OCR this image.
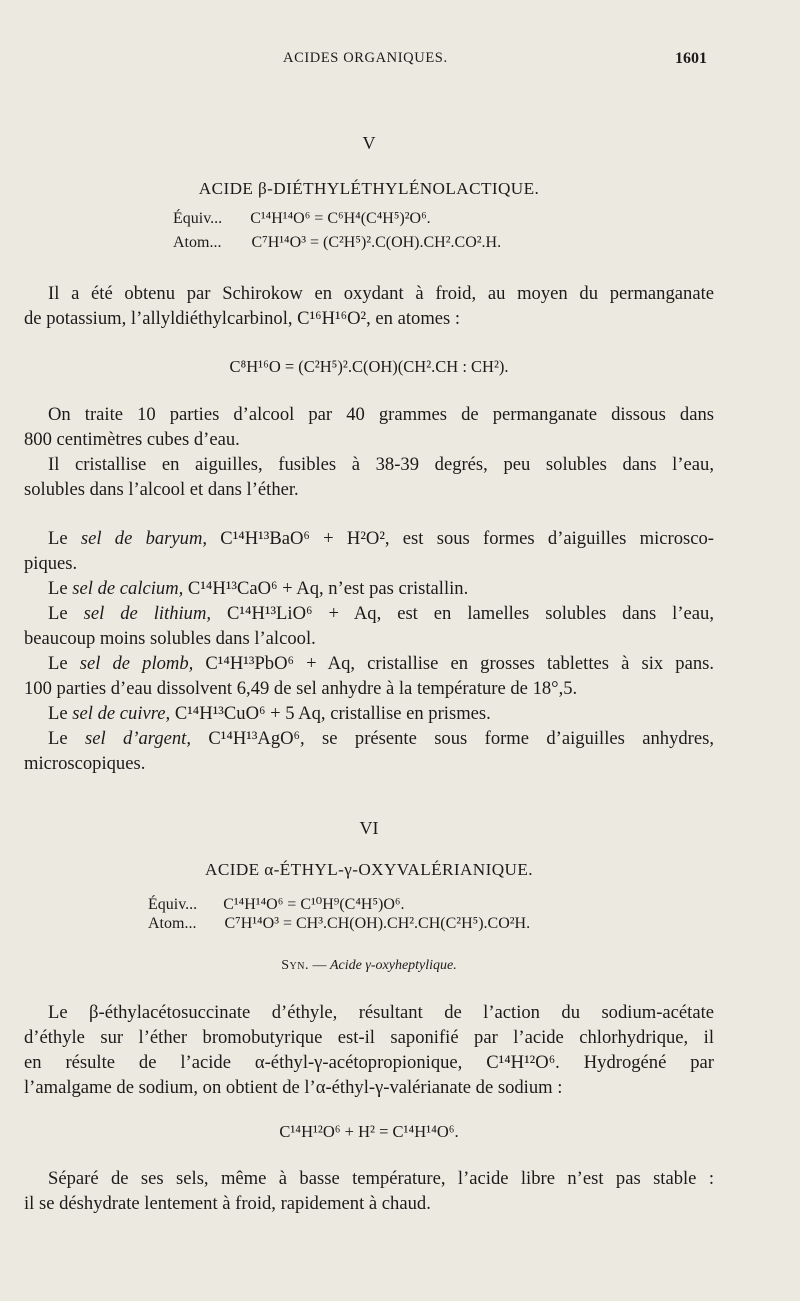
ACIDES ORGANIQUES.	1601
V
ACIDE β-DIÉTHYLÉTHYLÉNOLACTIQUE.
Équiv... C¹⁴H¹⁴O⁶ = C⁶H⁴(C⁴H⁵)²O⁶.
Atom... C⁷H¹⁴O³ = (C²H⁵)².C(OH).CH².CO².H.

Il a été obtenu par Schirokow en oxydant à froid, au moyen du permanganate

de potassium, l’allyldiéthylcarbinol, C¹⁶H¹⁶O², en atomes :

C⁸H¹⁶O = (C²H⁵)².C(OH)(CH².CH : CH²).

On traite 10 parties d’alcool par 40 grammes de permanganate dissous dans

800 centimètres cubes d’eau.

Il cristallise en aiguilles, fusibles à 38-39 degrés, peu solubles dans l’eau,

solubles dans l’alcool et dans l’éther.

Le sel de baryum, C¹⁴H¹³BaO⁶ + H²O², est sous formes d’aiguilles microsco-

piques.

Le sel de calcium, C¹⁴H¹³CaO⁶ + Aq, n’est pas cristallin.

Le sel de lithium, C¹⁴H¹³LiO⁶ + Aq, est en lamelles solubles dans l’eau,

beaucoup moins solubles dans l’alcool.

Le sel de plomb, C¹⁴H¹³PbO⁶ + Aq, cristallise en grosses tablettes à six pans.

100 parties d’eau dissolvent 6,49 de sel anhydre à la température de 18°,5.

Le sel de cuivre, C¹⁴H¹³CuO⁶ + 5 Aq, cristallise en prismes.

Le sel d’argent, C¹⁴H¹³AgO⁶, se présente sous forme d’aiguilles anhydres,

microscopiques.

VI
ACIDE α-ÉTHYL-γ-OXYVALÉRIANIQUE.
Équiv... C¹⁴H¹⁴O⁶ = C¹⁰H⁹(C⁴H⁵)O⁶.
Atom... C⁷H¹⁴O³ = CH³.CH(OH).CH².CH(C²H⁵).CO²H.
Syn. — Acide γ-oxyheptylique.

Le β-éthylacétosuccinate d’éthyle, résultant de l’action du sodium-acétate

d’éthyle sur l’éther bromobutyrique est-il saponifié par l’acide chlorhydrique, il

en résulte de l’acide α-éthyl-γ-acétopropionique, C¹⁴H¹²O⁶. Hydrogéné par

l’amalgame de sodium, on obtient de l’α-éthyl-γ-valérianate de sodium :

C¹⁴H¹²O⁶ + H² = C¹⁴H¹⁴O⁶.

Séparé de ses sels, même à basse température, l’acide libre n’est pas stable :

il se déshydrate lentement à froid, rapidement à chaud.
